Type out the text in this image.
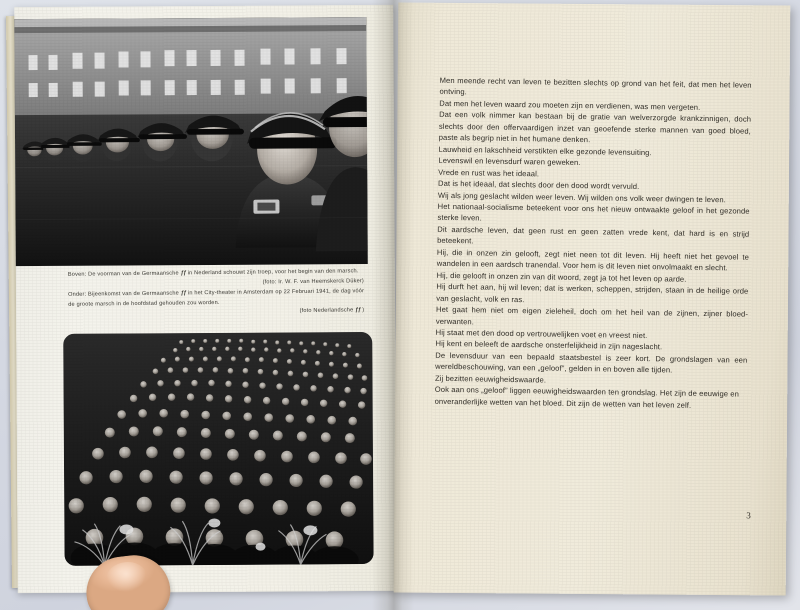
Boven: De voorman van de Germaansche ƒƒ in Nederland schouwt zijn troep, voor het begin van den marsch.
(foto: Ir. W. F. van Heemskerck Düker)

Onder: Bijeenkomst van de Germaansche ƒƒ in het City-theater in Amsterdam op 22 Februari 1941, de dag vóór de groote marsch in de hoofdstad gehouden zou worden.
(foto Nederlandsche ƒƒ )

Men meende recht van leven te bezitten slechts op grond van het feit, dat men het leven ontving.

Dat men het leven waard zou moeten zijn en verdienen, was men vergeten.

Dat een volk nimmer kan bestaan bij de gratie van welverzorgde krankzinnigen, doch slechts door den offervaardigen inzet van geoefende sterke mannen van goed bloed, paste als begrip niet in het humane denken.

Lauwheid en lakschheid verstikten elke gezonde levensuiting.

Levenswil en levensdurf waren geweken.

Vrede en rust was het ideaal.

Dat is het ideaal, dat slechts door den dood wordt vervuld.

Wij als jong geslacht wilden weer leven. Wij wilden ons volk weer dwingen te leven.

Het nationaal-socialisme beteekent voor ons het nieuw ontwaakte geloof in het gezonde sterke leven.

Dit aardsche leven, dat geen rust en geen zatten vrede kent, dat hard is en strijd beteekent.

Hij, die in onzen zin gelooft, zegt niet neen tot dit leven. Hij heeft niet het gevoel te wandelen in een aardsch tranendal. Voor hem is dit leven niet onvolmaakt en slecht.

Hij, die gelooft in onzen zin van dit woord, zegt ja tot het leven op aarde.

Hij durft het aan, hij wil leven; dat is werken, scheppen, strijden, staan in de heilige orde van geslacht, volk en ras.

Het gaat hem niet om eigen zieleheil, doch om het heil van de zijnen, zijner bloed-verwanten.

Hij staat met den dood op vertrouwelijken voet en vreest niet.

Hij kent en beleeft de aardsche onsterfelijkheid in zijn nageslacht.

De levensduur van een bepaald staatsbestel is zeer kort. De grondslagen van een wereldbeschouwing, van een „geloof”, gelden in en boven alle tijden.

Zij bezitten eeuwigheidswaarde.

Ook aan ons „geloof” liggen eeuwigheidswaarden ten grondslag. Het zijn de eeuwige en onveranderlijke wetten van het bloed. Dit zijn de wetten van het leven zelf.

3
